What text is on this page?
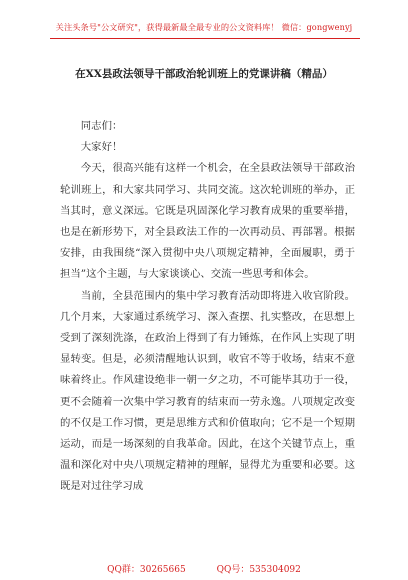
关注头条号"公文研究"，获得最新最全最专业的公文资料库！ 微信：gongwenyj
在XX县政法领导干部政治轮训班上的党课讲稿（精品）

同志们：

大家好！

今天，很高兴能有这样一个机会，在全县政法领导干部政治轮训班上，和大家共同学习、共同交流。这次轮训班的举办，正当其时，意义深远。它既是巩固深化学习教育成果的重要举措，也是在新形势下，对全县政法工作的一次再动员、再部署。根据安排，由我围绕“深入贯彻中央八项规定精神，全面履职，勇于担当”这个主题，与大家谈谈心、交流一些思考和体会。

当前，全县范围内的集中学习教育活动即将进入收官阶段。几个月来，大家通过系统学习、深入查摆、扎实整改，在思想上受到了深刻洗涤，在政治上得到了有力锤炼，在作风上实现了明显转变。但是，必须清醒地认识到，收官不等于收场，结束不意味着终止。作风建设绝非一朝一夕之功，不可能毕其功于一役，更不会随着一次集中学习教育的结束而一劳永逸。八项规定改变的不仅是工作习惯，更是思维方式和价值取向；它不是一个短期运动，而是一场深刻的自我革命。因此，在这个关键节点上，重温和深化对中央八项规定精神的理解，显得尤为重要和必要。这既是对过往学习成

QQ群：30265665	QQ号：535304092
